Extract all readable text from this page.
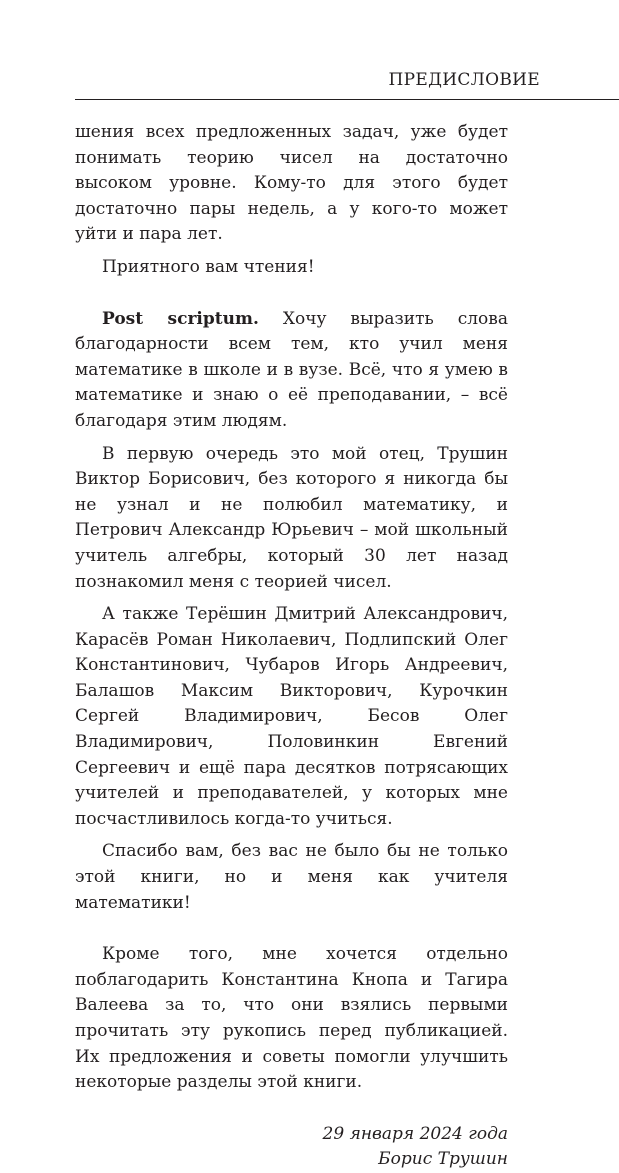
ПРЕДИСЛОВИЕ

шения всех предложенных задач, уже будет понимать теорию чисел на достаточно высоком уровне. Кому-то для этого будет достаточно пары недель, а у кого-то может уйти и пара лет.

Приятного вам чтения!

Post scriptum. Хочу выразить слова благодарности всем тем, кто учил меня математике в школе и в вузе. Всё, что я умею в математике и знаю о её преподавании, – всё благодаря этим людям.

В первую очередь это мой отец, Трушин Виктор Борисович, без которого я никогда бы не узнал и не полюбил математику, и Петрович Александр Юрьевич – мой школьный учитель алгебры, который 30 лет назад познакомил меня с теорией чисел.

А также Терёшин Дмитрий Александрович, Карасёв Роман Николаевич, Подлипский Олег Константинович, Чубаров Игорь Андреевич, Балашов Максим Викторович, Курочкин Сергей Владимирович, Бесов Олег Владимирович, Половинкин Евгений Сергеевич и ещё пара десятков потрясающих учителей и преподавателей, у которых мне посчастливилось когда-то учиться.

Спасибо вам, без вас не было бы не только этой книги, но и меня как учителя математики!

Кроме того, мне хочется отдельно поблагодарить Константина Кнопа и Тагира Валеева за то, что они взялись первыми прочитать эту рукопись перед публикацией. Их предложения и советы помогли улучшить некоторые разделы этой книги.

29 января 2024 года
Борис Трушин
